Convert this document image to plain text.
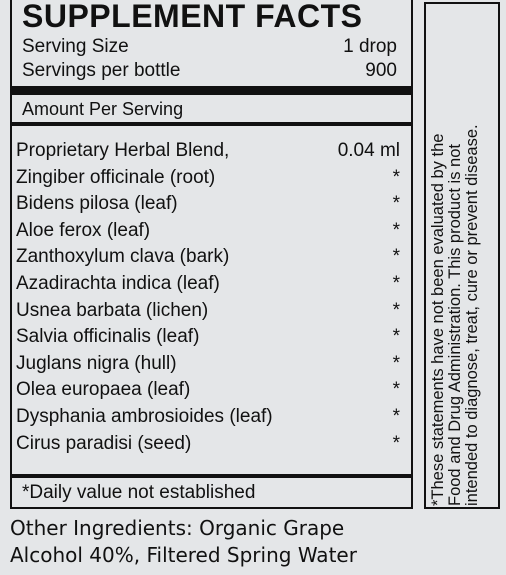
SUPPLEMENT FACTS
Serving Size	1 drop
Servings per bottle	900
Amount Per Serving
Proprietary Herbal Blend,	0.04 ml
Zingiber officinale (root)	*
Bidens pilosa (leaf)	*
Aloe ferox (leaf)	*
Zanthoxylum clava (bark)	*
Azadirachta indica (leaf)	*
Usnea barbata (lichen)	*
Salvia officinalis (leaf)	*
Juglans nigra (hull)	*
Olea europaea (leaf)	*
Dysphania ambrosioides (leaf)	*
Cirus paradisi (seed)	*
*Daily value not established
Other Ingredients: Organic Grape
Alcohol 40%, Filtered Spring Water
*These statements have not been evaluated by the Food and Drug Administration. This product is not intended to diagnose, treat, cure or prevent disease.
